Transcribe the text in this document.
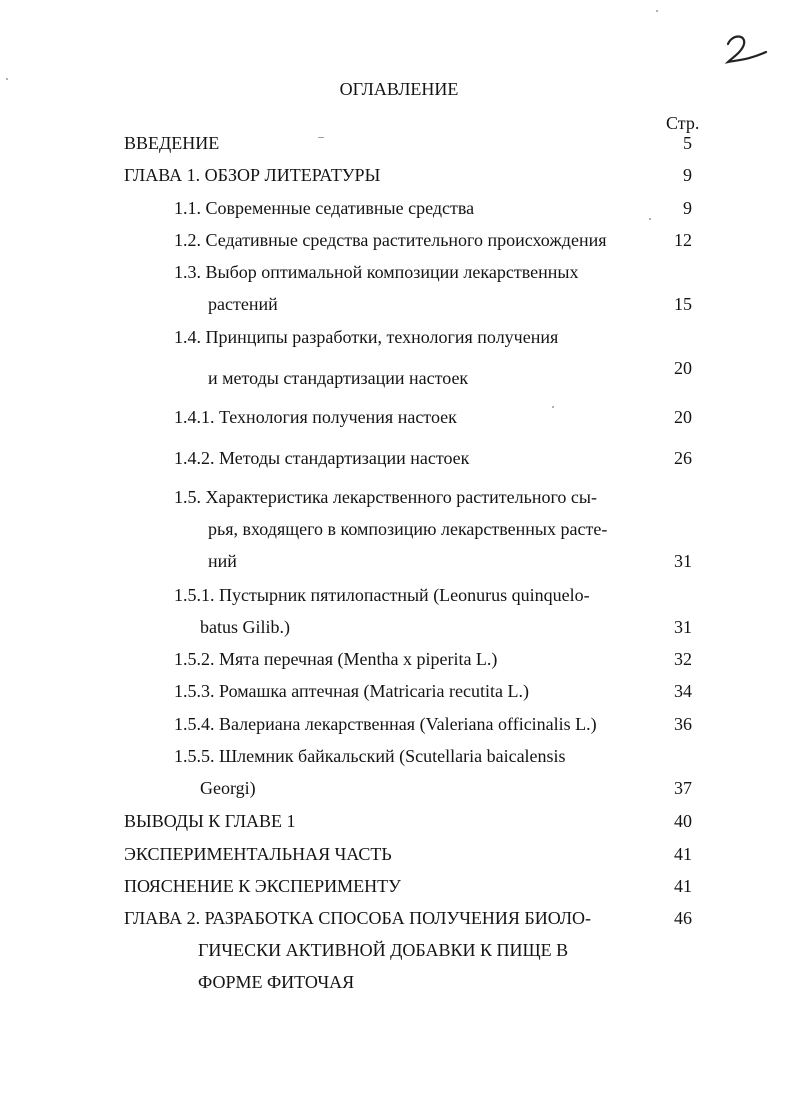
ОГЛАВЛЕНИЕ
Стр.
ВВЕДЕНИЕ	5
ГЛАВА 1. ОБЗОР ЛИТЕРАТУРЫ	9
1.1. Современные седативные средства	9
1.2. Седативные средства растительного происхождения	12
1.3. Выбор оптимальной композиции лекарственных
растений	15
1.4. Принципы разработки, технология получения
и методы стандартизации настоек	20
1.4.1. Технология получения настоек	20
1.4.2. Методы стандартизации настоек	26
1.5. Характеристика лекарственного растительного сы-
рья, входящего в композицию лекарственных расте-
ний	31
1.5.1. Пустырник пятилопастный (Leonurus quinquelo-
batus Gilib.)	31
1.5.2. Мята перечная (Mentha x piperita L.)	32
1.5.3. Ромашка аптечная (Matricaria recutita L.)	34
1.5.4. Валериана лекарственная (Valeriana officinalis L.)	36
1.5.5. Шлемник байкальский (Scutellaria baicalensis
Georgi)	37
ВЫВОДЫ К ГЛАВЕ 1	40
ЭКСПЕРИМЕНТАЛЬНАЯ ЧАСТЬ	41
ПОЯСНЕНИЕ К ЭКСПЕРИМЕНТУ	41
ГЛАВА 2. РАЗРАБОТКА СПОСОБА ПОЛУЧЕНИЯ БИОЛО-	46
ГИЧЕСКИ АКТИВНОЙ ДОБАВКИ К ПИЩЕ В
ФОРМЕ ФИТОЧАЯ
